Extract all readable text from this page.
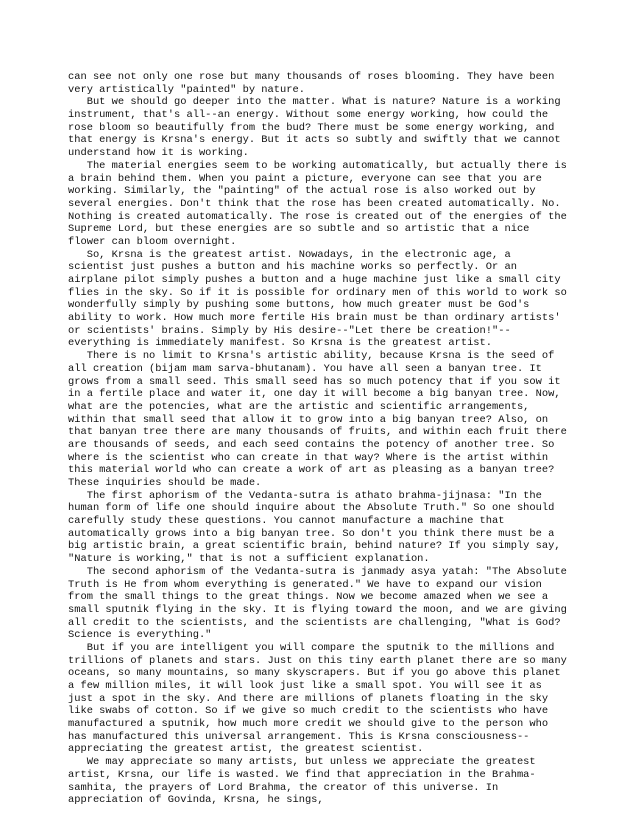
can see not only one rose but many thousands of roses blooming. They have been
very artistically "painted" by nature.
But we should go deeper into the matter. What is nature? Nature is a working
instrument, that's all--an energy. Without some energy working, how could the
rose bloom so beautifully from the bud? There must be some energy working, and
that energy is Krsna's energy. But it acts so subtly and swiftly that we cannot
understand how it is working.
The material energies seem to be working automatically, but actually there is
a brain behind them. When you paint a picture, everyone can see that you are
working. Similarly, the "painting" of the actual rose is also worked out by
several energies. Don't think that the rose has been created automatically. No.
Nothing is created automatically. The rose is created out of the energies of the
Supreme Lord, but these energies are so subtle and so artistic that a nice
flower can bloom overnight.
So, Krsna is the greatest artist. Nowadays, in the electronic age, a
scientist just pushes a button and his machine works so perfectly. Or an
airplane pilot simply pushes a button and a huge machine just like a small city
flies in the sky. So if it is possible for ordinary men of this world to work so
wonderfully simply by pushing some buttons, how much greater must be God's
ability to work. How much more fertile His brain must be than ordinary artists'
or scientists' brains. Simply by His desire--"Let there be creation!"--
everything is immediately manifest. So Krsna is the greatest artist.
There is no limit to Krsna's artistic ability, because Krsna is the seed of
all creation (bijam mam sarva-bhutanam). You have all seen a banyan tree. It
grows from a small seed. This small seed has so much potency that if you sow it
in a fertile place and water it, one day it will become a big banyan tree. Now,
what are the potencies, what are the artistic and scientific arrangements,
within that small seed that allow it to grow into a big banyan tree? Also, on
that banyan tree there are many thousands of fruits, and within each fruit there
are thousands of seeds, and each seed contains the potency of another tree. So
where is the scientist who can create in that way? Where is the artist within
this material world who can create a work of art as pleasing as a banyan tree?
These inquiries should be made.
The first aphorism of the Vedanta-sutra is athato brahma-jijnasa: "In the
human form of life one should inquire about the Absolute Truth." So one should
carefully study these questions. You cannot manufacture a machine that
automatically grows into a big banyan tree. So don't you think there must be a
big artistic brain, a great scientific brain, behind nature? If you simply say,
"Nature is working," that is not a sufficient explanation.
The second aphorism of the Vedanta-sutra is janmady asya yatah: "The Absolute
Truth is He from whom everything is generated." We have to expand our vision
from the small things to the great things. Now we become amazed when we see a
small sputnik flying in the sky. It is flying toward the moon, and we are giving
all credit to the scientists, and the scientists are challenging, "What is God?
Science is everything."
But if you are intelligent you will compare the sputnik to the millions and
trillions of planets and stars. Just on this tiny earth planet there are so many
oceans, so many mountains, so many skyscrapers. But if you go above this planet
a few million miles, it will look just like a small spot. You will see it as
just a spot in the sky. And there are millions of planets floating in the sky
like swabs of cotton. So if we give so much credit to the scientists who have
manufactured a sputnik, how much more credit we should give to the person who
has manufactured this universal arrangement. This is Krsna consciousness--
appreciating the greatest artist, the greatest scientist.
We may appreciate so many artists, but unless we appreciate the greatest
artist, Krsna, our life is wasted. We find that appreciation in the Brahma-
samhita, the prayers of Lord Brahma, the creator of this universe. In
appreciation of Govinda, Krsna, he sings,
